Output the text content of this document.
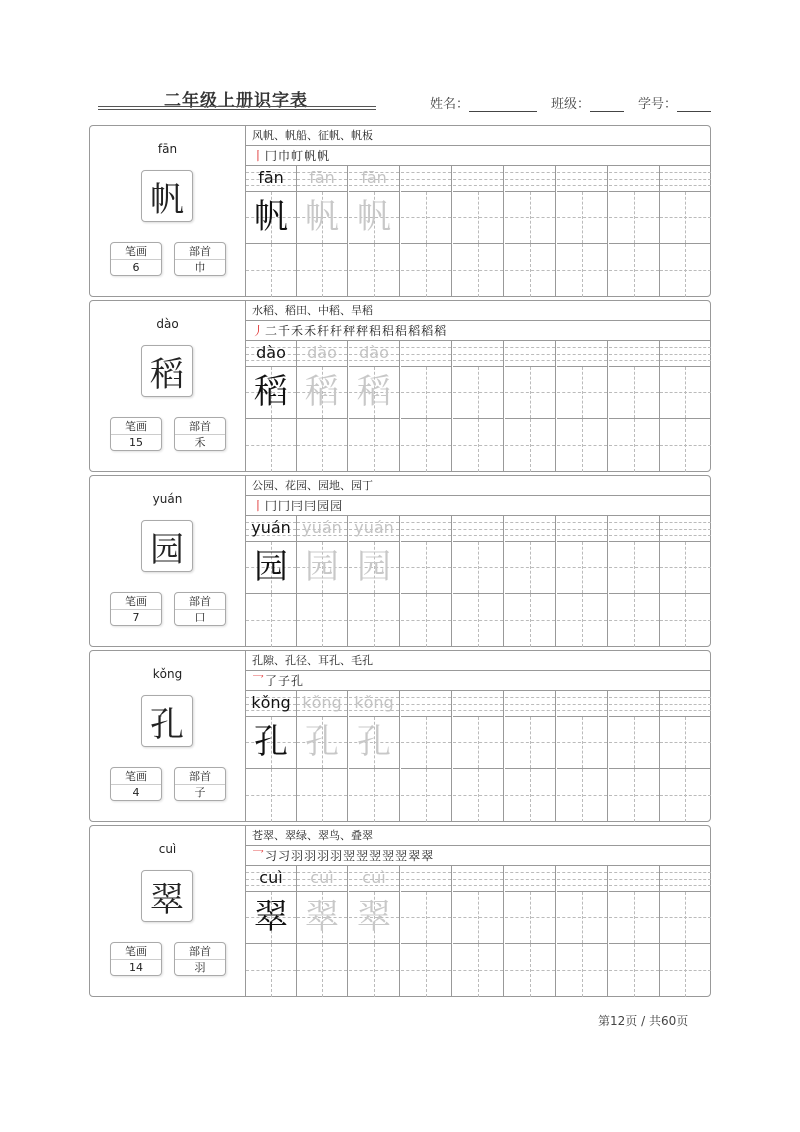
二年级上册识字表	姓名：	班级：	学号：
fān
帆
笔画
6
部首
巾
风帆、帆船、征帆、帆板
丨 冂 巾 帄 帆 帆
fān
帆
fān
帆
fān
帆
dào
稻
笔画
15
部首
禾
水稻、稻田、中稻、旱稻
丿 二 千 禾 禾 秆 秆 秤 秤 稆 稆 稆 稻 稻 稻
dào
稻
dào
稻
dào
稻
yuán
园
笔画
7
部首
口
公园、花园、园地、园丁
丨 冂 冂 冃 冃 园 园
yuán
园
yuán
园
yuán
园
kǒng
孔
笔画
4
部首
子
孔隙、孔径、耳孔、毛孔
乛 了 子 孔
kǒng
孔
kǒng
孔
kǒng
孔
cuì
翠
笔画
14
部首
羽
苍翠、翠绿、翠鸟、叠翠
乛 习 习 羽 羽 羽 羽 翌 翌 翌 翌 翌 翠 翠
cuì
翠
cuì
翠
cuì
翠
第12页 / 共60页
